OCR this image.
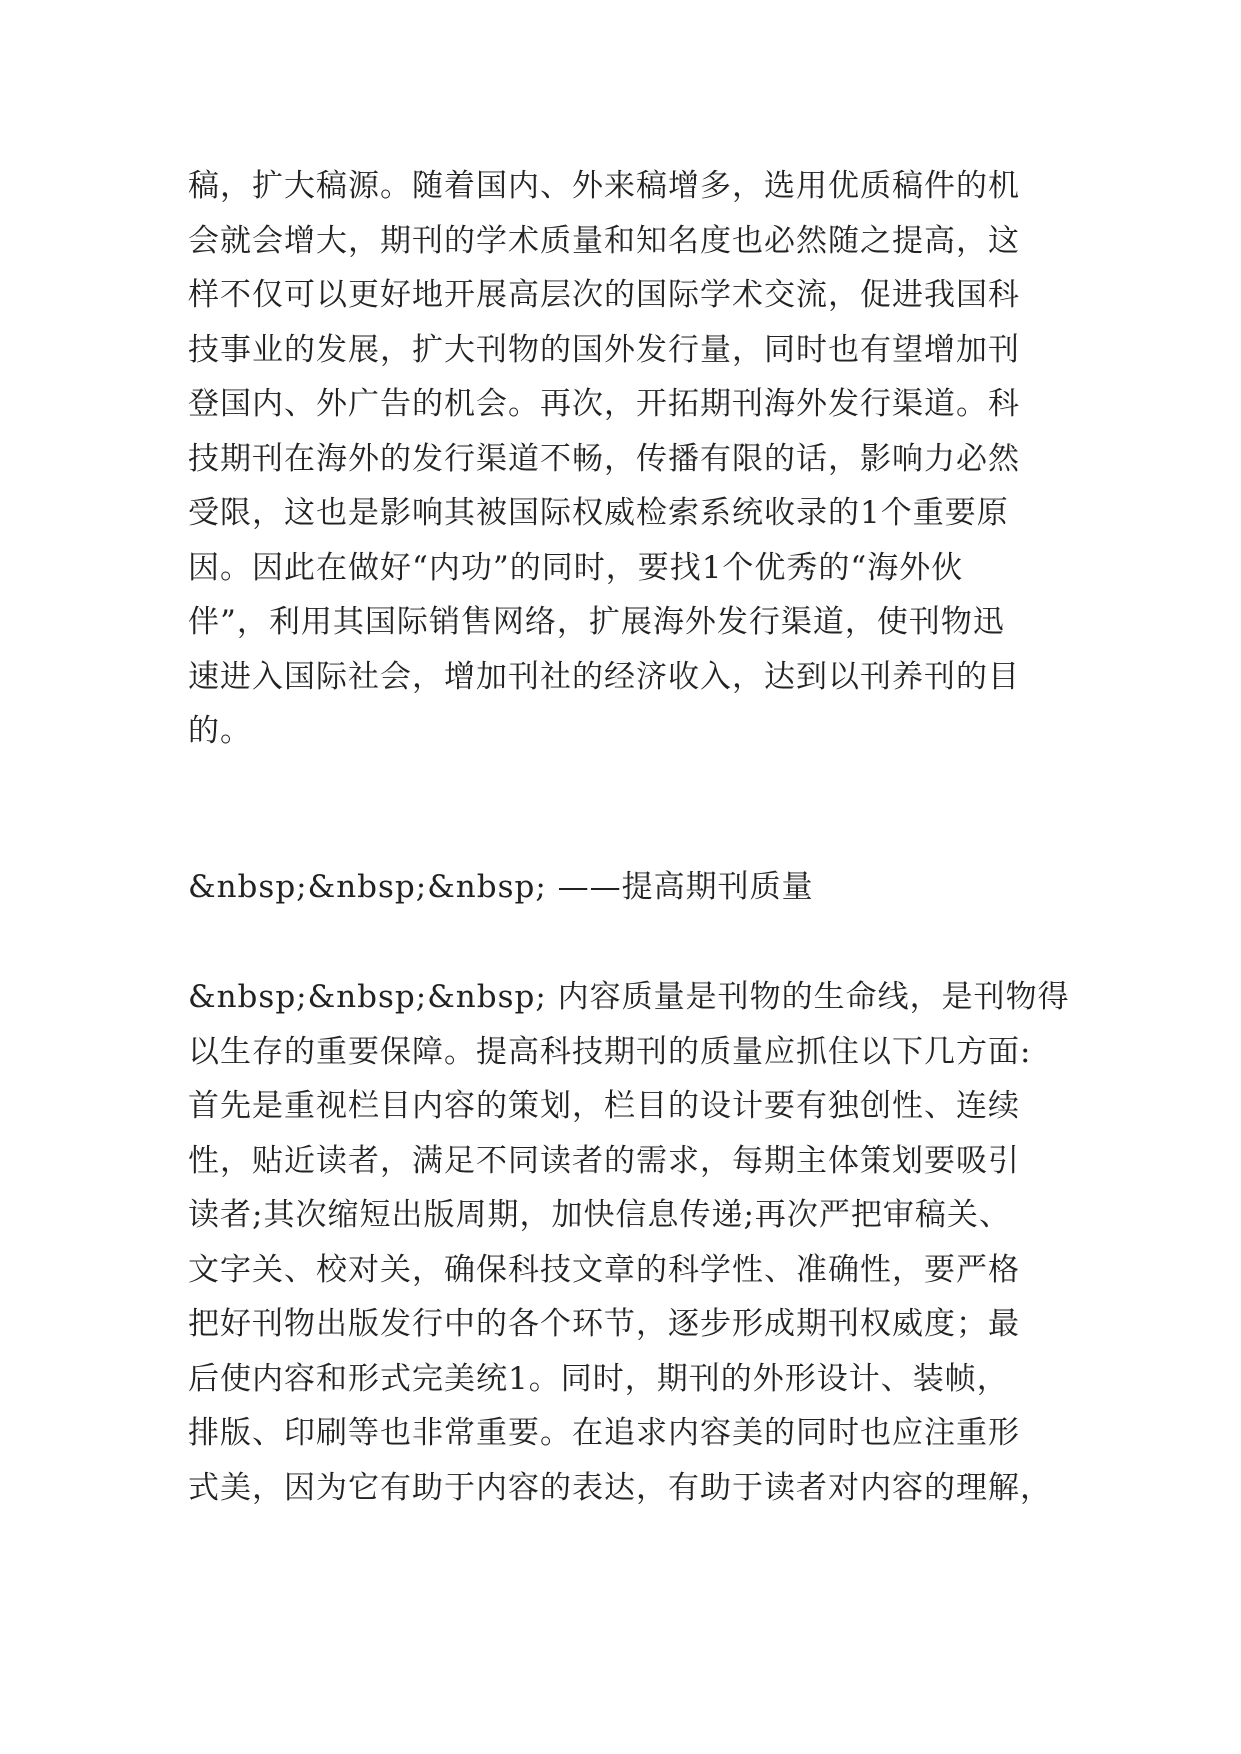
稿，扩大稿源。随着国内、外来稿增多，选用优质稿件的机
会就会增大，期刊的学术质量和知名度也必然随之提高，这
样不仅可以更好地开展高层次的国际学术交流，促进我国科
技事业的发展，扩大刊物的国外发行量，同时也有望增加刊
登国内、外广告的机会。再次，开拓期刊海外发行渠道。科
技期刊在海外的发行渠道不畅，传播有限的话，影响力必然
受限，这也是影响其被国际权威检索系统收录的1个重要原
因。因此在做好“内功”的同时，要找1个优秀的“海外伙
伴”，利用其国际销售网络，扩展海外发行渠道，使刊物迅
速进入国际社会，增加刊社的经济收入，达到以刊养刊的目
的。
&nbsp;&nbsp;&nbsp; ——提高期刊质量
&nbsp;&nbsp;&nbsp; 内容质量是刊物的生命线，是刊物得
以生存的重要保障。提高科技期刊的质量应抓住以下几方面:
首先是重视栏目内容的策划，栏目的设计要有独创性、连续
性，贴近读者，满足不同读者的需求，每期主体策划要吸引
读者;其次缩短出版周期，加快信息传递;再次严把审稿关、
文字关、校对关，确保科技文章的科学性、准确性，要严格
把好刊物出版发行中的各个环节，逐步形成期刊权威度；最
后使内容和形式完美统1。同时，期刊的外形设计、装帧，
排版、印刷等也非常重要。在追求内容美的同时也应注重形
式美，因为它有助于内容的表达，有助于读者对内容的理解，
